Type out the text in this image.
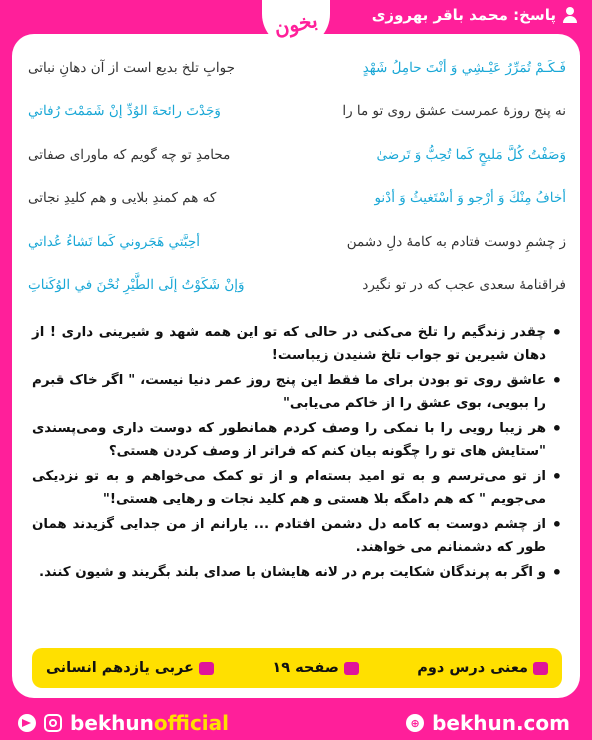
پاسخ: محمد باقر بهروزی
فَـكَـمْ تُمَرِّرُ عَيْـشِي وَ أنْتَ حامِلُ شَهْدٍ
جوابِ تلخ بدیع است از آن دهانِ نباتی
نه پنج روزهٔ عمرست عشق روی تو ما را
وَجَدْتَ رائحةَ الوُدِّ إنْ شَمَمْتَ رُفاتي
وَصَفْتُ كُلَّ مَليحٍ كَما تُحِبُّ وَ تَرضیٰ
محامدِ تو چه گویم که ماورای صفاتی
أخافُ مِنْكَ وَ أرْجو وَ أسْتَغيثُ وَ أدْنو
که هم کمندِ بلایی و هم کلیدِ نجاتی
ز چشمِ دوست فتادم به کامهٔ دلِ دشمن
أحِبَّتي هَجَروني كَما تَشاءُ عُداتي
فراقنامهٔ سعدی عجب که در تو نگیرد
وَإنْ شَكَوْتُ إلَى الطَّيْرِ نُحْنَ في الوُكَناتِ
• چقدر زندگیم را تلخ می‌کنی در حالی که تو این همه شهد و شیرینی داری ! از دهان شیرین تو جواب تلخ شنیدن زیباست!
• عاشق روی تو بودن برای ما فقط این پنج روز عمر دنیا نیست، " اگر خاک قبرم را ببویی، بوی عشق را از خاکم می‌یابی"
• هر زیبا رویی را با نمکی را وصف کردم همانطور که دوست داری ومی‌پسندی "ستایش های تو را چگونه بیان کنم که فراتر از وصف کردن هستی؟
• از تو می‌ترسم و به تو امید بسته‌ام و از تو کمک می‌خواهم و به تو نزدیکی می‌جویم " که هم دامگه بلا هستی و هم کلید نجات و رهایی هستی!"
• از چشم دوست به کامه دل دشمن افتادم ... یارانم از من جدایی گزیدند همان طور که دشمنانم می خواهند.
• و اگر به پرندگان شکایت برم در لانه هایشان با صدای بلند بگریند و شیون کنند.
معنی درس دوم
صفحه ۱۹
عربی یازدهم انسانی
بخون
bekhunofficial	⊕ bekhun.com
